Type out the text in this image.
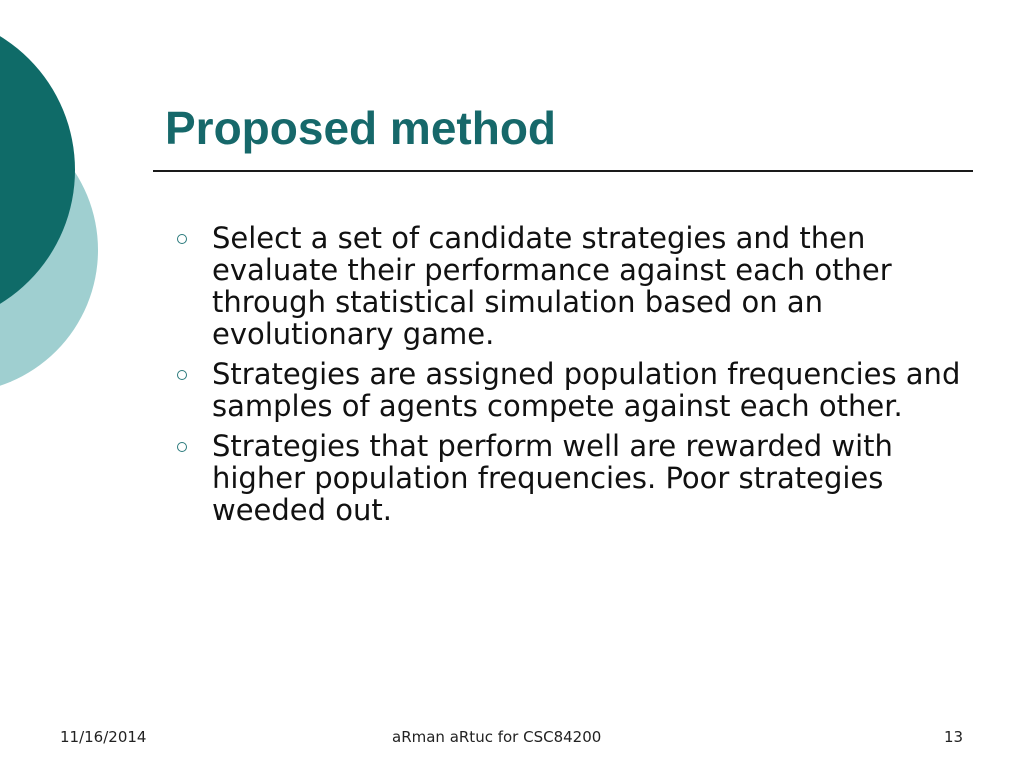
Proposed method
Select a set of candidate strategies and then evaluate their performance against each other through statistical simulation based on an evolutionary game.
Strategies are assigned population frequencies and samples of agents compete against each other.
Strategies that perform well are rewarded with higher population frequencies. Poor strategies weeded out.
11/16/2014	aRman aRtuc for CSC84200	13
